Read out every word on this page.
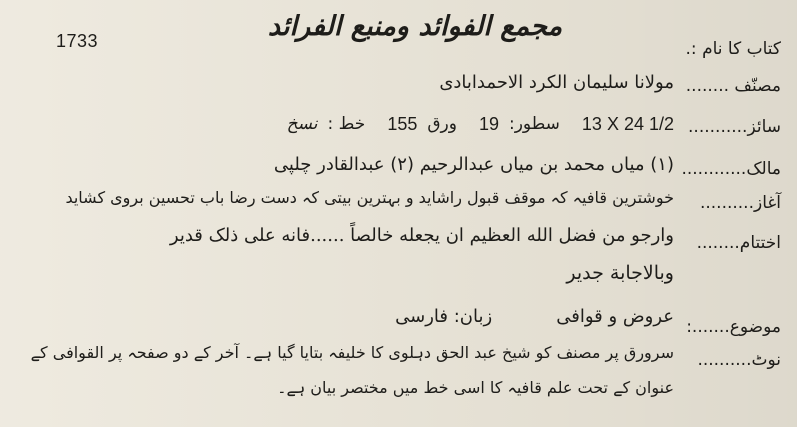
1733	مجمع الفوائد ومنبع الفرائد
کتاب کا نام :.
مصنّف ........
مولانا سلیمان الکرد الاحمدابادی
سائز...........
13 X 24 1/2
سطور:
19
ورق
155
خط :
نسخ
مالک............
(۱) میاں محمد بن میاں عبدالرحیم (۲) عبدالقادر چلپی
آغاز..........
خوشترین قافیہ کہ موقف قبول راشاید و بہترین بیتی کہ دست رضا باب تحسین بروی کشاید
اختتام........
وارجو من فضل الله العظیم ان یجعله خالصاً ......فانه علی ذلک قدیر
وبالاجابة جدیر
موضوع.......:
عروض و قوافی
زبان: فارسی
نوٹ..........
سرورق پر مصنف کو شیخ عبد الحق دہلوی کا خلیفہ بتایا گیا ہے۔ آخر کے دو صفحہ پر القوافی کے
عنوان کے تحت علم قافیہ کا اسی خط میں مختصر بیان ہے۔
